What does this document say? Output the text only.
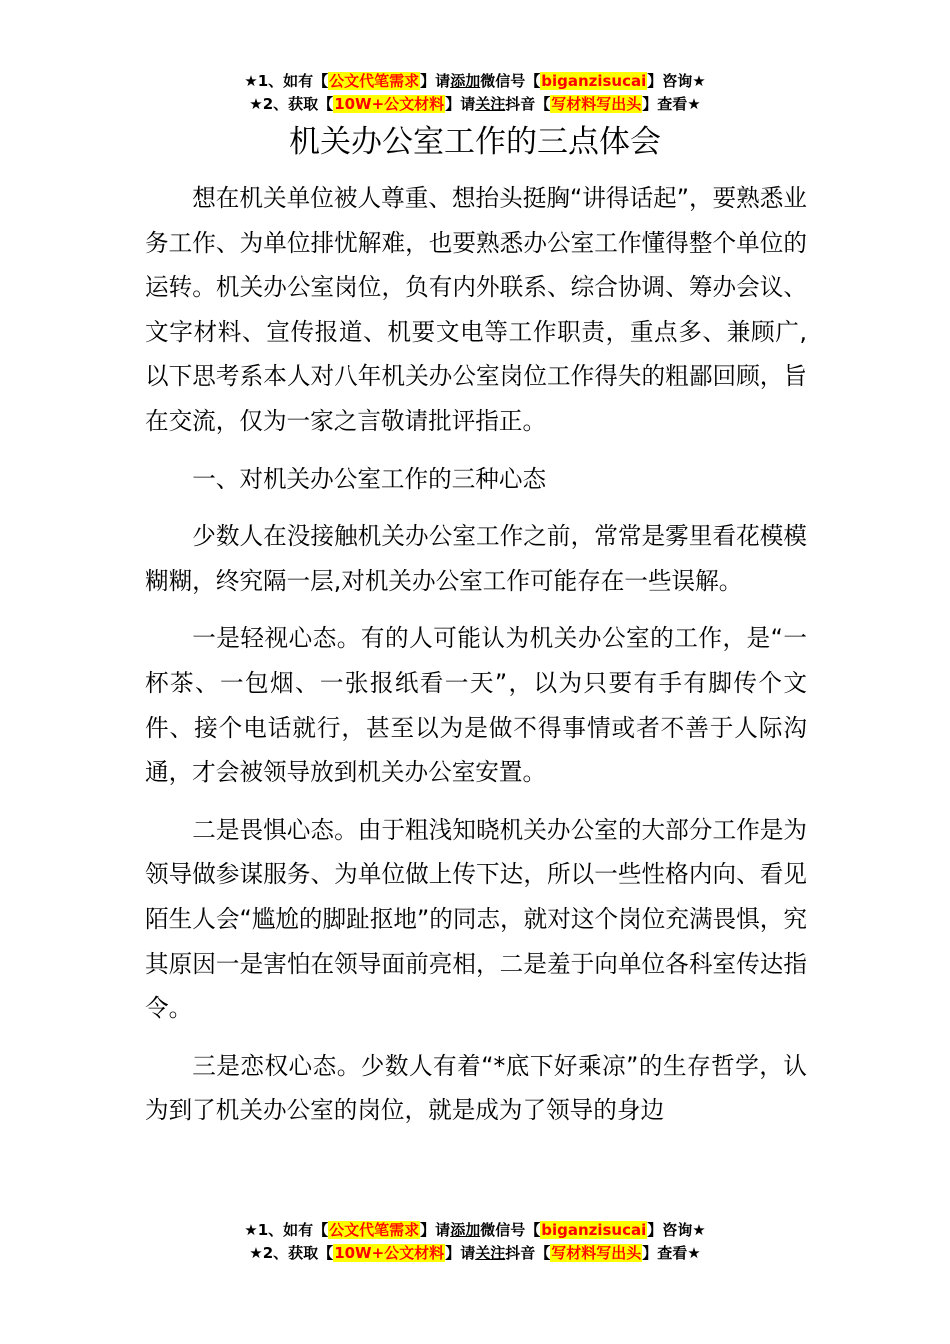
★1、如有【公文代笔需求】请添加微信号【biganzisucai】咨询★
★2、获取【10W+公文材料】请关注抖音【写材料写出头】查看★
机关办公室工作的三点体会

想在机关单位被人尊重、想抬头挺胸“讲得话起”，要熟悉业务工作、为单位排忧解难，也要熟悉办公室工作懂得整个单位的运转。机关办公室岗位，负有内外联系、综合协调、筹办会议、文字材料、宣传报道、机要文电等工作职责，重点多、兼顾广,以下思考系本人对八年机关办公室岗位工作得失的粗鄙回顾，旨在交流，仅为一家之言敬请批评指正。

一、对机关办公室工作的三种心态

少数人在没接触机关办公室工作之前，常常是雾里看花模模糊糊，终究隔一层,对机关办公室工作可能存在一些误解。

一是轻视心态。有的人可能认为机关办公室的工作，是“一杯茶、一包烟、一张报纸看一天”，以为只要有手有脚传个文件、接个电话就行，甚至以为是做不得事情或者不善于人际沟通，才会被领导放到机关办公室安置。

二是畏惧心态。由于粗浅知晓机关办公室的大部分工作是为领导做参谋服务、为单位做上传下达，所以一些性格内向、看见陌生人会“尴尬的脚趾抠地”的同志，就对这个岗位充满畏惧，究其原因一是害怕在领导面前亮相，二是羞于向单位各科室传达指令。

三是恋权心态。少数人有着“*底下好乘凉”的生存哲学，认为到了机关办公室的岗位，就是成为了领导的身边

★1、如有【公文代笔需求】请添加微信号【biganzisucai】咨询★
★2、获取【10W+公文材料】请关注抖音【写材料写出头】查看★
